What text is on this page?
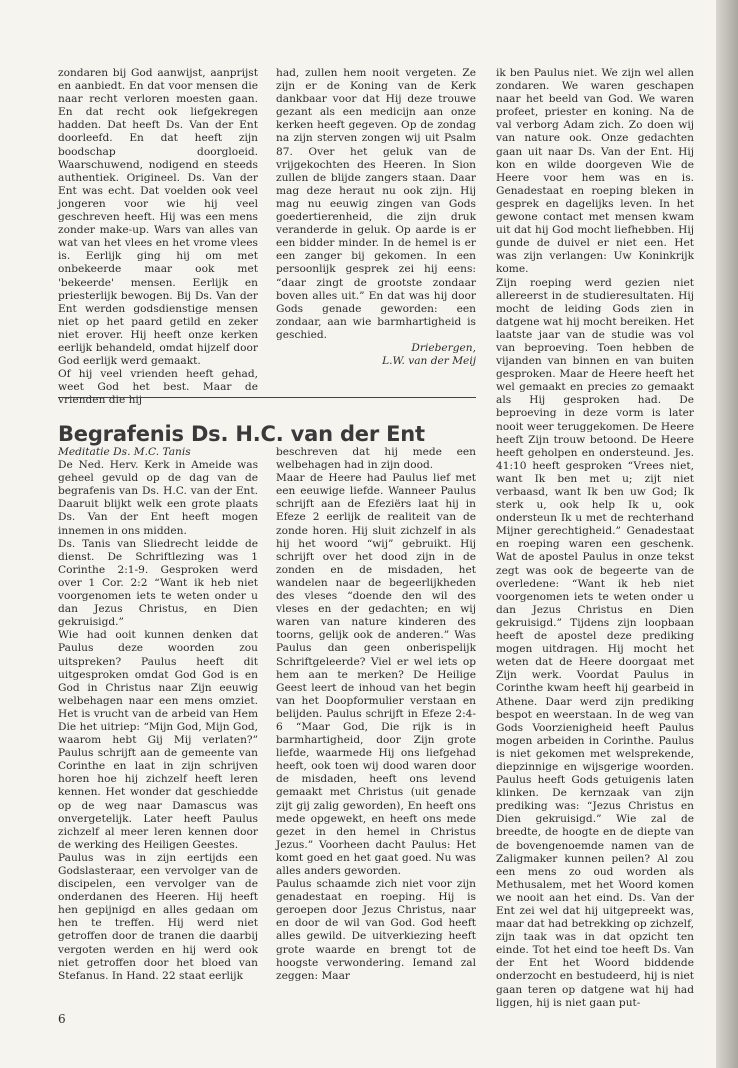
zondaren bij God aanwijst, aanprijst en aanbiedt. En dat voor mensen die naar recht verloren moesten gaan. En dat recht ook liefgekregen hadden. Dat heeft Ds. Van der Ent doorleefd. En dat heeft zijn boodschap doorgloeid. Waarschuwend, nodigend en steeds authentiek. Origineel. Ds. Van der Ent was echt. Dat voelden ook veel jongeren voor wie hij veel geschreven heeft. Hij was een mens zonder make-up. Wars van alles van wat van het vlees en het vrome vlees is. Eerlijk ging hij om met onbekeerde maar ook met 'bekeerde' mensen. Eerlijk en priesterlijk bewogen. Bij Ds. Van der Ent werden godsdienstige mensen niet op het paard getild en zeker niet erover. Hij heeft onze kerken eerlijk behandeld, omdat hijzelf door God eerlijk werd gemaakt.

Of hij veel vrienden heeft gehad, weet God het best. Maar de vrienden die hij

had, zullen hem nooit vergeten. Ze zijn er de Koning van de Kerk dankbaar voor dat Hij deze trouwe gezant als een medicijn aan onze kerken heeft gegeven. Op de zondag na zijn sterven zongen wij uit Psalm 87. Over het geluk van de vrijgekochten des Heeren. In Sion zullen de blijde zangers staan. Daar mag deze heraut nu ook zijn. Hij mag nu eeuwig zingen van Gods goedertierenheid, die zijn druk veranderde in geluk. Op aarde is er een bidder minder. In de hemel is er een zanger bij gekomen. In een persoonlijk gesprek zei hij eens: “daar zingt de grootste zondaar boven alles uit.” En dat was hij door Gods genade geworden: een zondaar, aan wie barmhartigheid is geschied.

Driebergen,

L.W. van der Meij

Begrafenis Ds. H.C. van der Ent

Meditatie Ds. M.C. Tanis

De Ned. Herv. Kerk in Ameide was geheel gevuld op de dag van de begrafenis van Ds. H.C. van der Ent. Daaruit blijkt welk een grote plaats Ds. Van der Ent heeft mogen innemen in ons midden.

Ds. Tanis van Sliedrecht leidde de dienst. De Schriftlezing was 1 Corinthe 2:1-9. Gesproken werd over 1 Cor. 2:2 “Want ik heb niet voorgenomen iets te weten onder u dan Jezus Christus, en Dien gekruisigd.”

Wie had ooit kunnen denken dat Paulus deze woorden zou uitspreken? Paulus heeft dit uitgesproken omdat God God is en God in Christus naar Zijn eeuwig welbehagen naar een mens omziet. Het is vrucht van de arbeid van Hem Die het uitriep: “Mijn God, Mijn God, waarom hebt Gij Mij verlaten?” Paulus schrijft aan de gemeente van Corinthe en laat in zijn schrijven horen hoe hij zichzelf heeft leren kennen. Het wonder dat geschiedde op de weg naar Damascus was onvergetelijk. Later heeft Paulus zichzelf al meer leren kennen door de werking des Heiligen Geestes.

Paulus was in zijn eertijds een Godslasteraar, een vervolger van de discipelen, een vervolger van de onderdanen des Heeren. Hij heeft hen gepijnigd en alles gedaan om hen te treffen. Hij werd niet getroffen door de tranen die daarbij vergoten werden en hij werd ook niet getroffen door het bloed van Stefanus. In Hand. 22 staat eerlijk

beschreven dat hij mede een welbehagen had in zijn dood.

Maar de Heere had Paulus lief met een eeuwige liefde. Wanneer Paulus schrijft aan de Efeziërs laat hij in Efeze 2 eerlijk de realiteit van de zonde horen. Hij sluit zichzelf in als hij het woord “wij” gebruikt. Hij schrijft over het dood zijn in de zonden en de misdaden, het wandelen naar de begeerlijkheden des vleses “doende den wil des vleses en der gedachten; en wij waren van nature kinderen des toorns, gelijk ook de anderen.” Was Paulus dan geen onberispelijk Schriftgeleerde? Viel er wel iets op hem aan te merken? De Heilige Geest leert de inhoud van het begin van het Doopformulier verstaan en belijden. Paulus schrijft in Efeze 2:4-6 “Maar God, Die rijk is in barmhartigheid, door Zijn grote liefde, waarmede Hij ons liefgehad heeft, ook toen wij dood waren door de misdaden, heeft ons levend gemaakt met Christus (uit genade zijt gij zalig geworden), En heeft ons mede opgewekt, en heeft ons mede gezet in den hemel in Christus Jezus.” Voorheen dacht Paulus: Het komt goed en het gaat goed. Nu was alles anders geworden.

Paulus schaamde zich niet voor zijn genadestaat en roeping. Hij is geroepen door Jezus Christus, naar en door de wil van God. God heeft alles gewild. De uitverkiezing heeft grote waarde en brengt tot de hoogste verwondering. Iemand zal zeggen: Maar

ik ben Paulus niet. We zijn wel allen zondaren. We waren geschapen naar het beeld van God. We waren profeet, priester en koning. Na de val verborg Adam zich. Zo doen wij van nature ook. Onze gedachten gaan uit naar Ds. Van der Ent. Hij kon en wilde doorgeven Wie de Heere voor hem was en is. Genadestaat en roeping bleken in gesprek en dagelijks leven. In het gewone contact met mensen kwam uit dat hij God mocht liefhebben. Hij gunde de duivel er niet een. Het was zijn verlangen: Uw Koninkrijk kome.

Zijn roeping werd gezien niet allereerst in de studieresultaten. Hij mocht de leiding Gods zien in datgene wat hij mocht bereiken. Het laatste jaar van de studie was vol van beproeving. Toen hebben de vijanden van binnen en van buiten gesproken. Maar de Heere heeft het wel gemaakt en precies zo gemaakt als Hij gesproken had. De beproeving in deze vorm is later nooit weer teruggekomen. De Heere heeft Zijn trouw betoond. De Heere heeft geholpen en ondersteund. Jes. 41:10 heeft gesproken “Vrees niet, want Ik ben met u; zijt niet verbaasd, want Ik ben uw God; Ik sterk u, ook help Ik u, ook ondersteun Ik u met de rechterhand Mijner gerechtigheid.” Genadestaat en roeping waren een geschenk. Wat de apostel Paulus in onze tekst zegt was ook de begeerte van de overledene: “Want ik heb niet voorgenomen iets te weten onder u dan Jezus Christus en Dien gekruisigd.” Tijdens zijn loopbaan heeft de apostel deze prediking mogen uitdragen. Hij mocht het weten dat de Heere doorgaat met Zijn werk. Voordat Paulus in Corinthe kwam heeft hij gearbeid in Athene. Daar werd zijn prediking bespot en weerstaan. In de weg van Gods Voorzienigheid heeft Paulus mogen arbeiden in Corinthe. Paulus is niet gekomen met welsprekende, diepzinnige en wijsgerige woorden. Paulus heeft Gods getuigenis laten klinken. De kernzaak van zijn prediking was: “Jezus Christus en Dien gekruisigd.” Wie zal de breedte, de hoogte en de diepte van de bovengenoemde namen van de Zaligmaker kunnen peilen? Al zou een mens zo oud worden als Methusalem, met het Woord komen we nooit aan het eind. Ds. Van der Ent zei wel dat hij uitgepreekt was, maar dat had betrekking op zichzelf, zijn taak was in dat opzicht ten einde. Tot het eind toe heeft Ds. Van der Ent het Woord biddende onderzocht en bestudeerd, hij is niet gaan teren op datgene wat hij had liggen, hij is niet gaan put-

6
